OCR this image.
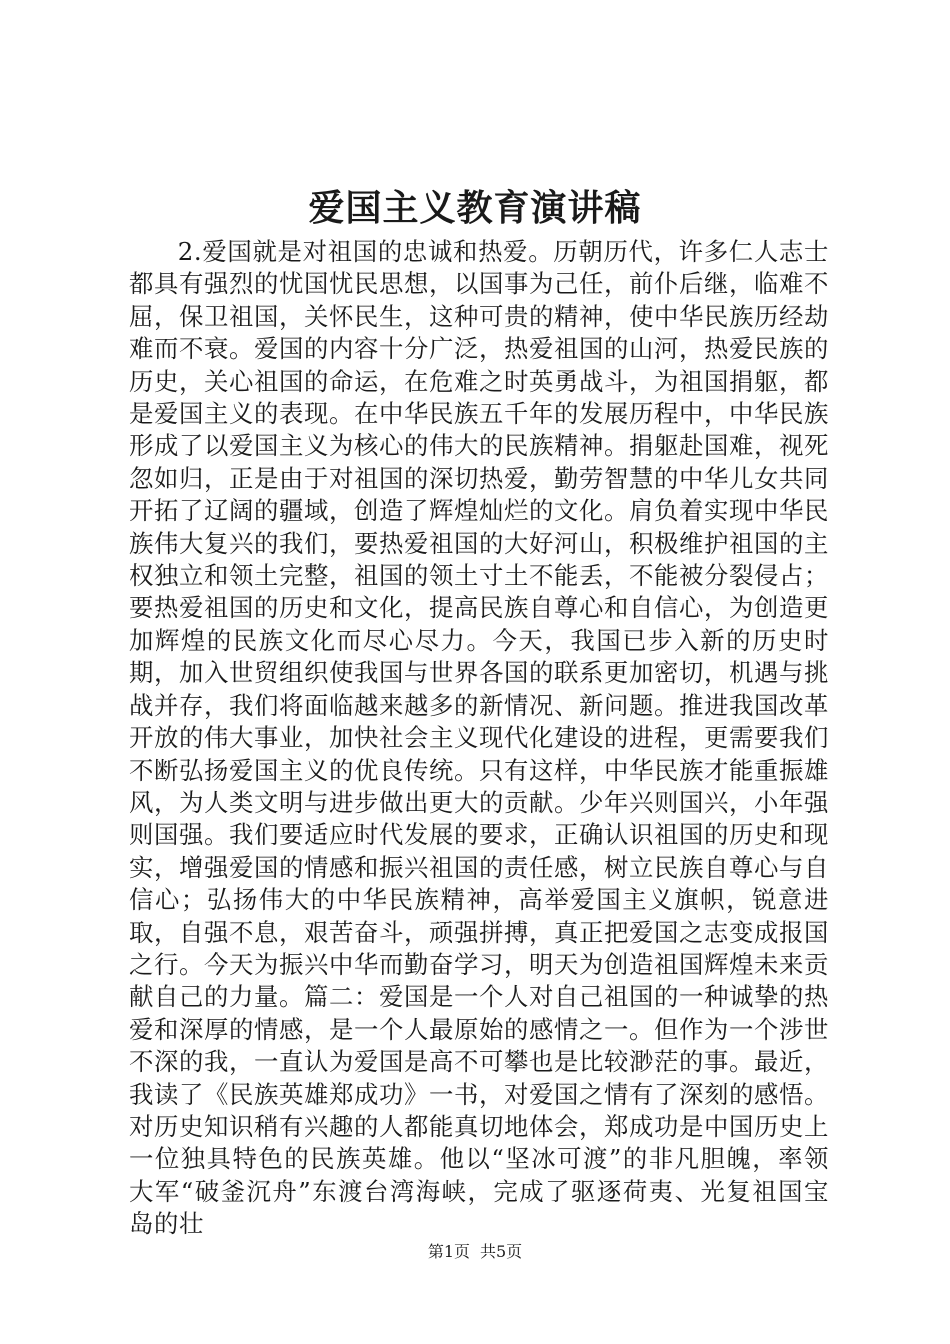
爱国主义教育演讲稿

2.爱国就是对祖国的忠诚和热爱。历朝历代，许多仁人志士都具有强烈的忧国忧民思想，以国事为己任，前仆后继，临难不屈，保卫祖国，关怀民生，这种可贵的精神，使中华民族历经劫难而不衰。爱国的内容十分广泛，热爱祖国的山河，热爱民族的历史，关心祖国的命运，在危难之时英勇战斗，为祖国捐躯，都是爱国主义的表现。在中华民族五千年的发展历程中，中华民族形成了以爱国主义为核心的伟大的民族精神。捐躯赴国难，视死忽如归，正是由于对祖国的深切热爱，勤劳智慧的中华儿女共同开拓了辽阔的疆域，创造了辉煌灿烂的文化。肩负着实现中华民族伟大复兴的我们，要热爱祖国的大好河山，积极维护祖国的主权独立和领土完整，祖国的领土寸土不能丢，不能被分裂侵占；要热爱祖国的历史和文化，提高民族自尊心和自信心，为创造更加辉煌的民族文化而尽心尽力。今天，我国已步入新的历史时期，加入世贸组织使我国与世界各国的联系更加密切，机遇与挑战并存，我们将面临越来越多的新情况、新问题。推进我国改革开放的伟大事业，加快社会主义现代化建设的进程，更需要我们不断弘扬爱国主义的优良传统。只有这样，中华民族才能重振雄风，为人类文明与进步做出更大的贡献。少年兴则国兴，小年强则国强。我们要适应时代发展的要求，正确认识祖国的历史和现实，增强爱国的情感和振兴祖国的责任感，树立民族自尊心与自信心；弘扬伟大的中华民族精神，高举爱国主义旗帜，锐意进取，自强不息，艰苦奋斗，顽强拼搏，真正把爱国之志变成报国之行。今天为振兴中华而勤奋学习，明天为创造祖国辉煌未来贡献自己的力量。篇二：爱国是一个人对自己祖国的一种诚挚的热爱和深厚的情感，是一个人最原始的感情之一。但作为一个涉世不深的我，一直认为爱国是高不可攀也是比较渺茫的事。最近，我读了《民族英雄郑成功》一书，对爱国之情有了深刻的感悟。对历史知识稍有兴趣的人都能真切地体会，郑成功是中国历史上一位独具特色的民族英雄。他以“坚冰可渡”的非凡胆魄，率领大军“破釜沉舟”东渡台湾海峡，完成了驱逐荷夷、光复祖国宝岛的壮

第1页 共5页
